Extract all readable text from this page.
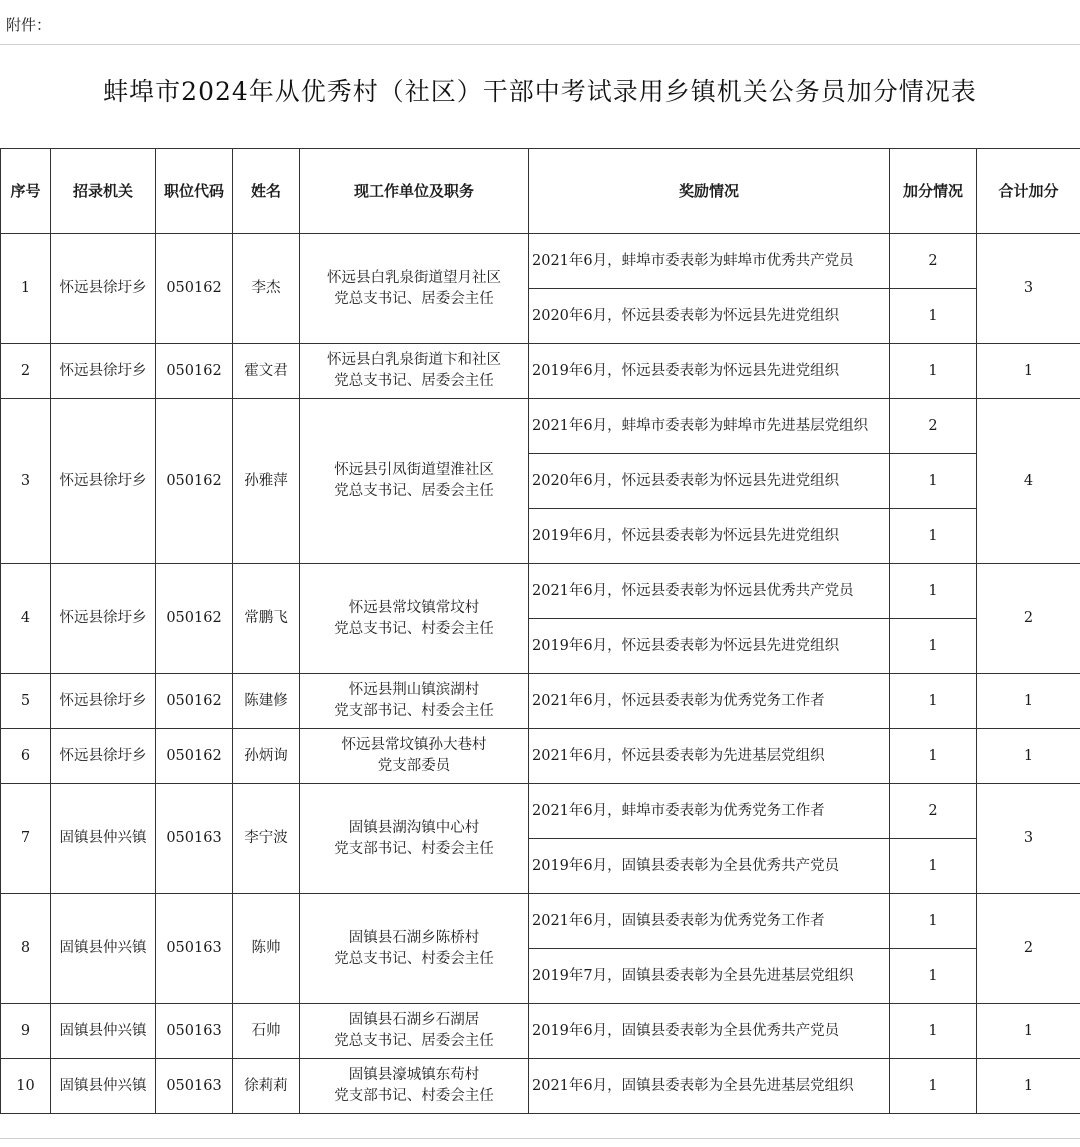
附件：
蚌埠市2024年从优秀村（社区）干部中考试录用乡镇机关公务员加分情况表
序号	招录机关	职位代码	姓名	现工作单位及职务	奖励情况	加分情况	合计加分
1	怀远县徐圩乡	050162	李杰	怀远县白乳泉街道望月社区
党总支书记、居委会主任	2021年6月，蚌埠市委表彰为蚌埠市优秀共产党员	2	3
					2020年6月，怀远县委表彰为怀远县先进党组织	1	
2	怀远县徐圩乡	050162	霍文君	怀远县白乳泉街道卞和社区
党总支书记、居委会主任	2019年6月，怀远县委表彰为怀远县先进党组织	1	1
3	怀远县徐圩乡	050162	孙雅萍	怀远县引凤街道望淮社区
党总支书记、居委会主任	2021年6月，蚌埠市委表彰为蚌埠市先进基层党组织	2	4
					2020年6月，怀远县委表彰为怀远县先进党组织	1	
					2019年6月，怀远县委表彰为怀远县先进党组织	1	
4	怀远县徐圩乡	050162	常鹏飞	怀远县常坟镇常坟村
党总支书记、村委会主任	2021年6月，怀远县委表彰为怀远县优秀共产党员	1	2
					2019年6月，怀远县委表彰为怀远县先进党组织	1	
5	怀远县徐圩乡	050162	陈建修	怀远县荆山镇滨湖村
党支部书记、村委会主任	2021年6月，怀远县委表彰为优秀党务工作者	1	1
6	怀远县徐圩乡	050162	孙炳询	怀远县常坟镇孙大巷村
党支部委员	2021年6月，怀远县委表彰为先进基层党组织	1	1
7	固镇县仲兴镇	050163	李宁波	固镇县湖沟镇中心村
党支部书记、村委会主任	2021年6月，蚌埠市委表彰为优秀党务工作者	2	3
					2019年6月，固镇县委表彰为全县优秀共产党员	1	
8	固镇县仲兴镇	050163	陈帅	固镇县石湖乡陈桥村
党总支书记、村委会主任	2021年6月，固镇县委表彰为优秀党务工作者	1	2
					2019年7月，固镇县委表彰为全县先进基层党组织	1	
9	固镇县仲兴镇	050163	石帅	固镇县石湖乡石湖居
党总支书记、居委会主任	2019年6月，固镇县委表彰为全县优秀共产党员	1	1
10	固镇县仲兴镇	050163	徐莉莉	固镇县濠城镇东苟村
党支部书记、村委会主任	2021年6月，固镇县委表彰为全县先进基层党组织	1	1
